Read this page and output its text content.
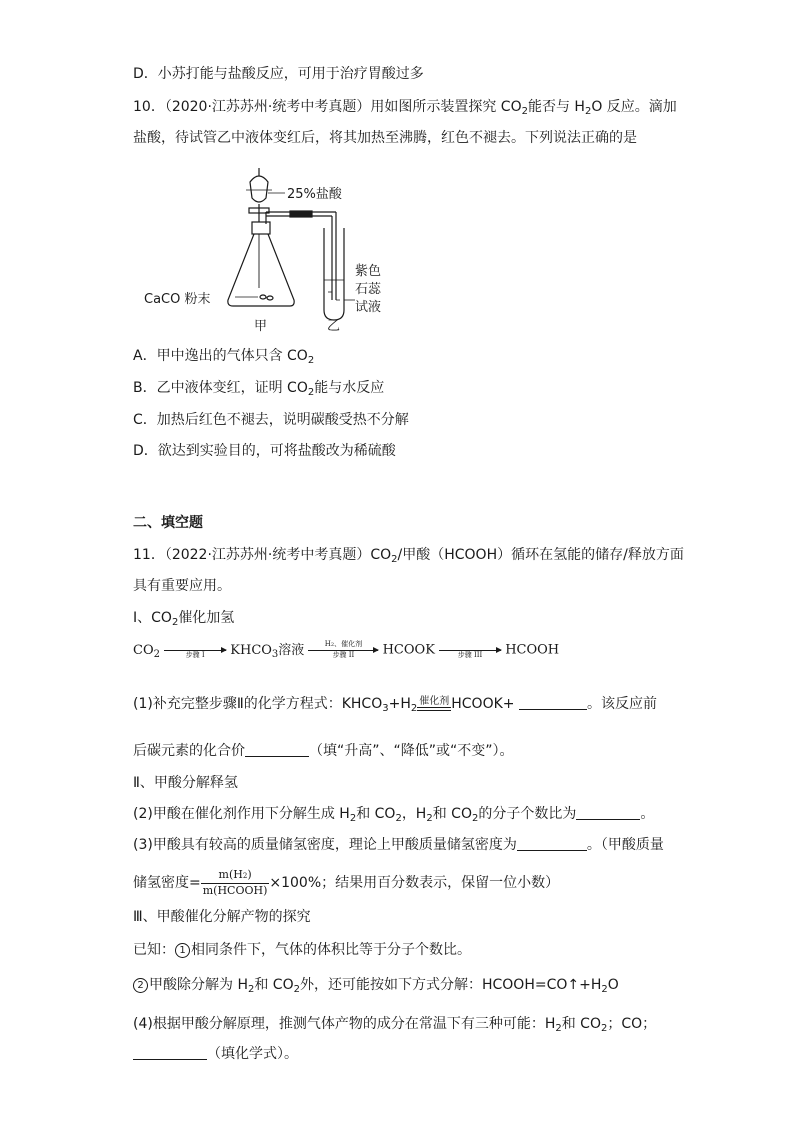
D．小苏打能与盐酸反应，可用于治疗胃酸过多
10．（2020·江苏苏州·统考中考真题）用如图所示装置探究 $CO_2$能否与 $H_2O$ 反应。滴加
盐酸，待试管乙中液体变红后，将其加热至沸腾，红色不褪去。下列说法正确的是
25%盐酸
CaCO 粉末
甲	乙
紫色
石蕊
试液
A．甲中逸出的气体只含 $CO_2$
B．乙中液体变红，证明 $CO_2$能与水反应
C．加热后红色不褪去，说明碳酸受热不分解
D．欲达到实验目的，可将盐酸改为稀硫酸
二、填空题
11．（2022·江苏苏州·统考中考真题）$CO_2/$甲酸（HCOOH）循环在氢能的储存/释放方面
具有重要应用。
I、$CO_2$催化加氢
$CO_2$
	步骤 I	$KHCO_3$溶液	H2、催化剂
步骤 II	HCOOK
	步骤 III	HCOOH
(1)补充完整步骤Ⅱ的化学方程式：$KHCO_3+H_2$
催化剂 HCOOK+	。该反应前
后碳元素的化合价	（填“升高”、“降低”或“不变”）。
Ⅱ、甲酸分解释氢
(2)甲酸在催化剂作用下分解生成 $H_2$和 $CO_2$，$H_2$和 $CO_2$的分子个数比为	。
(3)甲酸具有较高的质量储氢密度，理论上甲酸质量储氢密度为	。（甲酸质量
储氢密度= $\frac{m(H2)}{\text{m(HCOOH)}} \times 100\%$；结果用百分数表示，保留一位小数）
Ⅲ、甲酸催化分解产物的探究
已知： 1 相同条件下，气体的体积比等于分子个数比。
2 甲酸除分解为 $H_2$和 $CO_2$外，还可能按如下方式分解：$HCOOH=CO↑+H_2O$
(4)根据甲酸分解原理，推测气体产物的成分在常温下有三种可能：$H_2$和 $CO_2$；CO；
（填化学式）。
